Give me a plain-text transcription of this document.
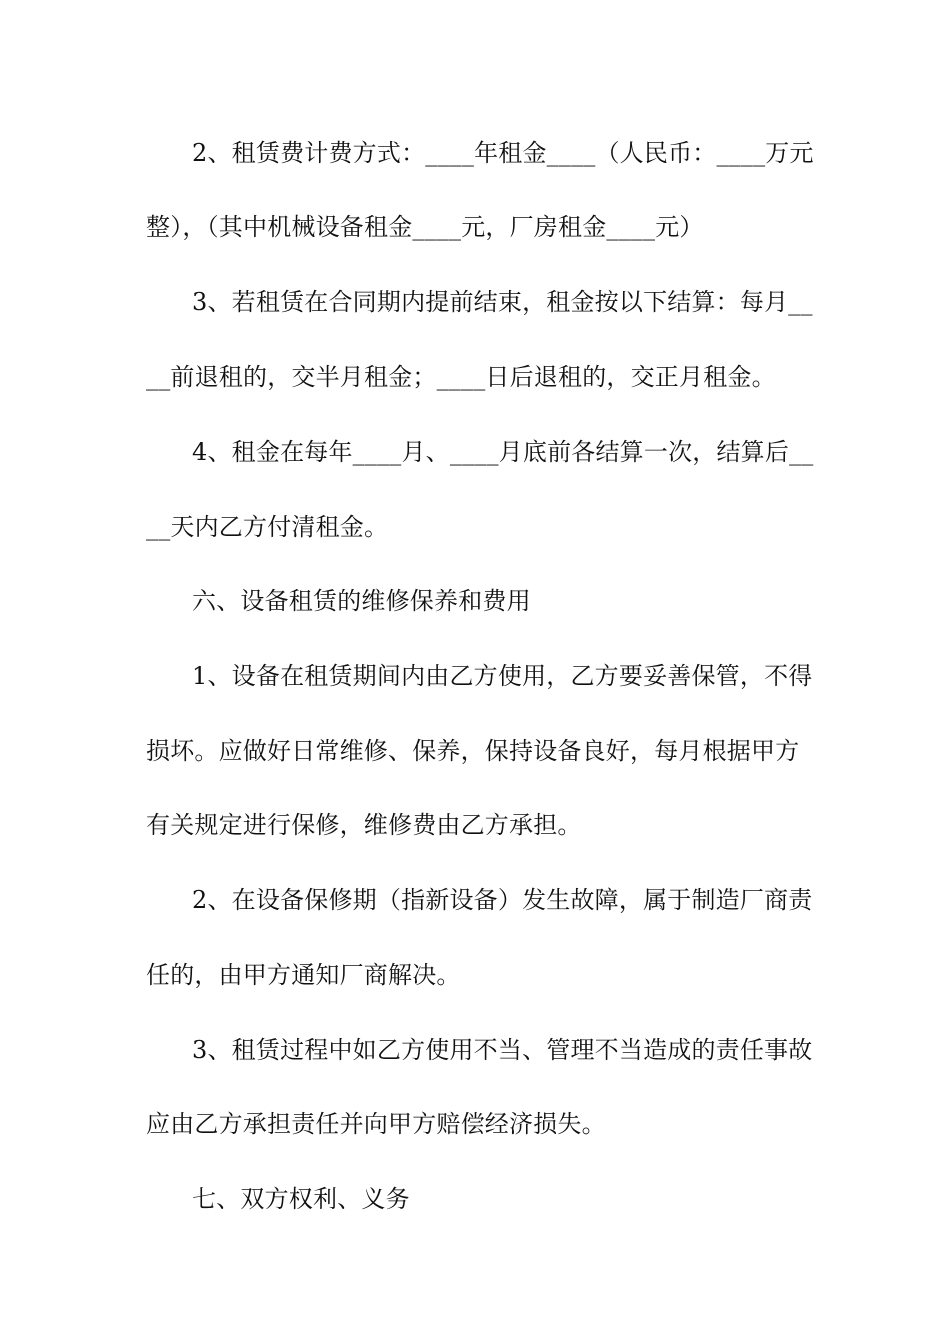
2、租赁费计费方式：____年租金____（人民币：____万元
整），（其中机械设备租金____元，厂房租金____元）
3、若租赁在合同期内提前结束，租金按以下结算：每月__
__前退租的，交半月租金；____日后退租的，交正月租金。
4、租金在每年____月、____月底前各结算一次，结算后__
__天内乙方付清租金。
六、设备租赁的维修保养和费用
1、设备在租赁期间内由乙方使用，乙方要妥善保管，不得
损坏。应做好日常维修、保养，保持设备良好，每月根据甲方
有关规定进行保修，维修费由乙方承担。
2、在设备保修期（指新设备）发生故障，属于制造厂商责
任的，由甲方通知厂商解决。
3、租赁过程中如乙方使用不当、管理不当造成的责任事故
应由乙方承担责任并向甲方赔偿经济损失。
七、双方权利、义务
